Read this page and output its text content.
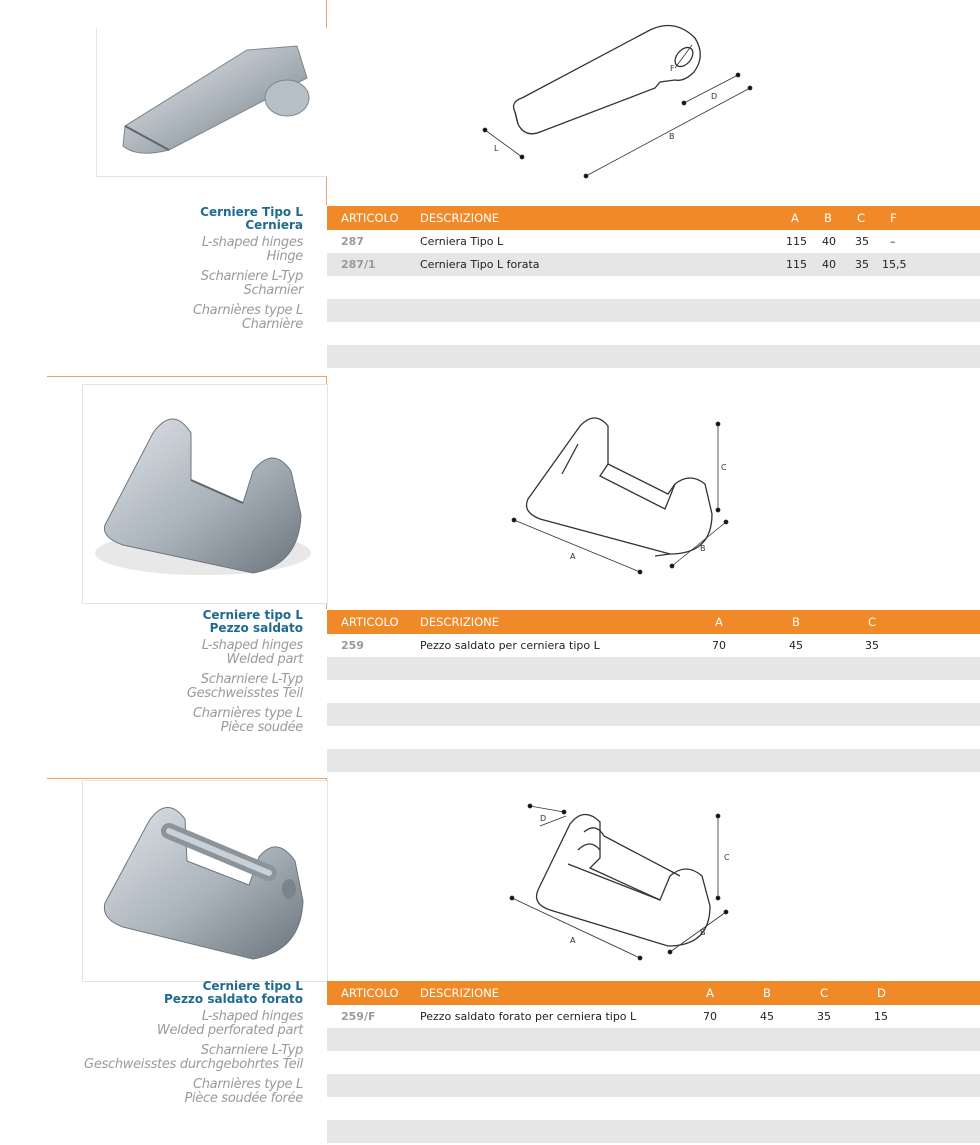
F
D
B
L
Cerniere Tipo L
Cerniera
L-shaped hinges
Hinge
Scharniere L-Typ
Scharnier
Charnières type L
Charnière
ARTICOLO DESCRIZIONE	A B C F
287	Cerniera Tipo L	115 40 35 –
287/1	Cerniera Tipo L forata	115 40 35 15,5
C
B
A
Cerniere tipo L
Pezzo saldato
L-shaped hinges
Welded part
Scharniere L-Typ
Geschweisstes Teil
Charnières type L
Pièce soudée
ARTICOLO DESCRIZIONE	A	B	C
259	Pezzo saldato per cerniera tipo L	70	45	35
D
C
B
A
Cerniere tipo L
Pezzo saldato forato
L-shaped hinges
Welded perforated part
Scharniere L-Typ
Geschweisstes durchgebohrtes Teil
Charnières type L
Pièce soudée forée
ARTICOLO DESCRIZIONE	A	B	C	D
259/F	Pezzo saldato forato per cerniera tipo L	70	45	35	15
